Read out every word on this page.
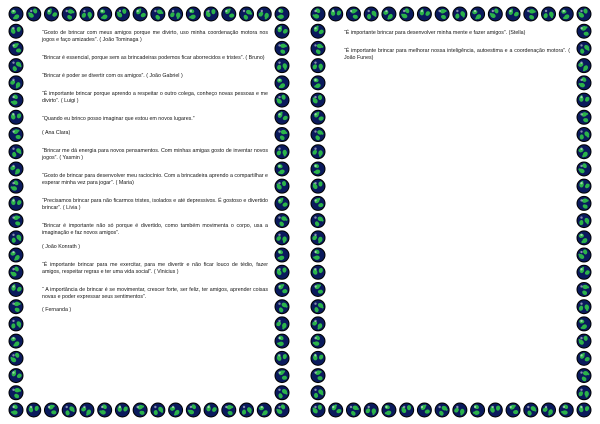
“Gosto de brincar com meus amigos porque me divirto, uso minha coordenação motora nos jogos e faço amizades”. ( João Tominaga )

“Brincar é essencial, porque sem as brincadeiras podemos ficar aborrecidos e tristes”. ( Bruno)

“Brincar é poder se divertir com os amigos”. ( João Gabriel )

“É importante brincar porque aprendo a respeitar o outro colega, conheço novas pessoas e me divirto”. ( Luigi )

“Quando eu brinco posso imaginar que estou em novos lugares.”
( Ana Clara)

“Brincar me dá energia para novos pensamentos. Com minhas amigas gosto de inventar novos jogos”. ( Yasmin )

“Gosto de brincar para desenvolver meu raciocínio. Com a brincadeira aprendo a compartilhar e esperar minha vez para jogar”. ( Maria)

“Precisamos brincar para não ficarmos tristes, isolados e até depressivos. É gostoso e divertido brincar”. ( Lívia )

“Brincar é importante não só porque é divertido, como também movimenta o corpo, usa a imaginação e faz novos amigos”.
( João Konrath )

“É importante brincar para me exercitar, para me divertir e não ficar louco de tédio, fazer amigos, respeitar regras e ter uma vida social”. ( Vinicius )

“ A importância de brincar é se movimentar, crescer forte, ser feliz, ter amigos, aprender coisas novas e poder expressar seus sentimentos”.
( Fernanda )

“É importante brincar para desenvolver minha mente e fazer amigos”. (Stella)

“É importante brincar para melhorar nossa inteligência, autoestima e a coordenação motora”. ( João Funes)
